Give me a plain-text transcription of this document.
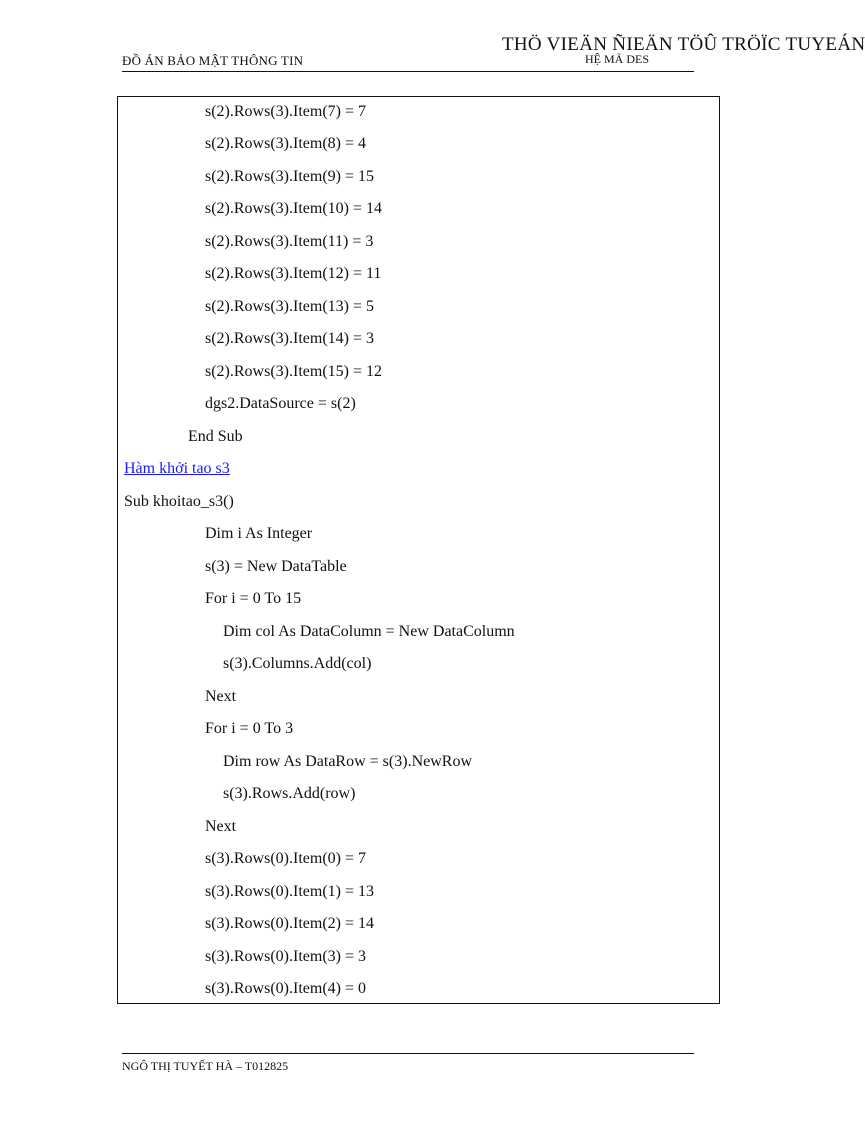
ĐỒ ÁN BẢO MẬT THÔNG TIN
THÖ VIEÄN ÑIEÄN TÖÛ TRÖÏC TUYEÁN
HỆ MÃ DES
s(2).Rows(3).Item(7) = 7
s(2).Rows(3).Item(8) = 4
s(2).Rows(3).Item(9) = 15
s(2).Rows(3).Item(10) = 14
s(2).Rows(3).Item(11) = 3
s(2).Rows(3).Item(12) = 11
s(2).Rows(3).Item(13) = 5
s(2).Rows(3).Item(14) = 3
s(2).Rows(3).Item(15) = 12
dgs2.DataSource = s(2)
End Sub
Hàm khởi tao s3
Sub khoitao_s3()
Dim i As Integer
s(3) = New DataTable
For i = 0 To 15
Dim col As DataColumn = New DataColumn
s(3).Columns.Add(col)
Next
For i = 0 To 3
Dim row As DataRow = s(3).NewRow
s(3).Rows.Add(row)
Next
s(3).Rows(0).Item(0) = 7
s(3).Rows(0).Item(1) = 13
s(3).Rows(0).Item(2) = 14
s(3).Rows(0).Item(3) = 3
s(3).Rows(0).Item(4) = 0
NGÔ THỊ TUYẾT HÀ – T012825
